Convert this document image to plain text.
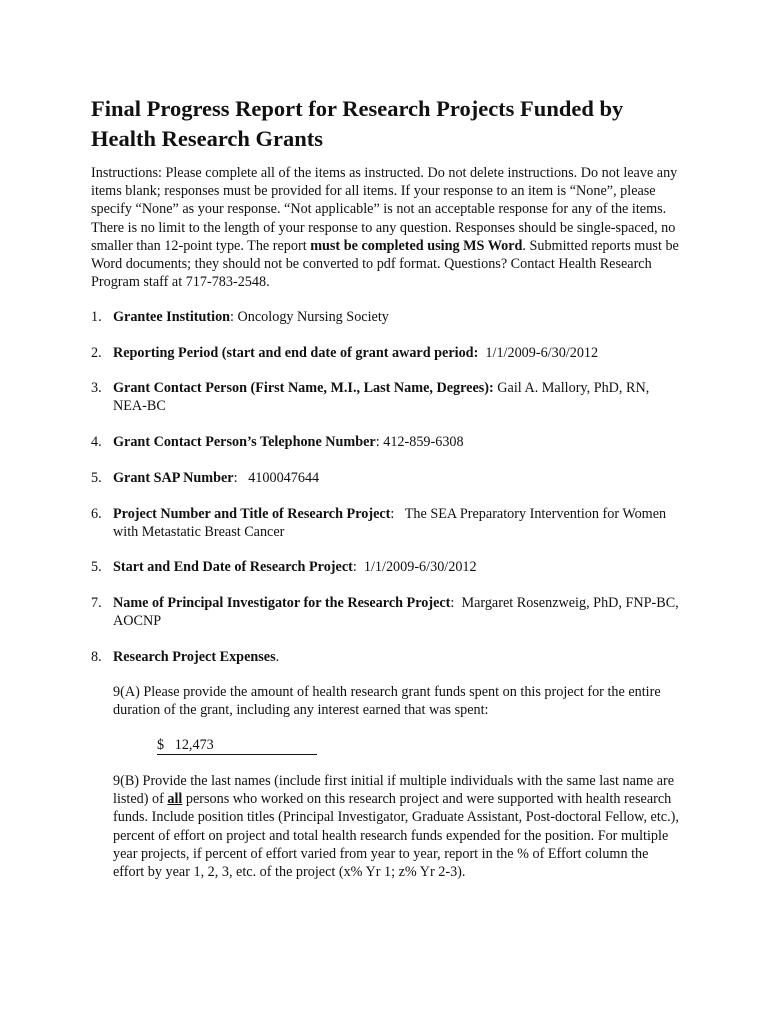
Final Progress Report for Research Projects Funded by
Health Research Grants

Instructions: Please complete all of the items as instructed. Do not delete instructions. Do not leave any items blank; responses must be provided for all items. If your response to an item is “None”, please specify “None” as your response. “Not applicable” is not an acceptable response for any of the items. There is no limit to the length of your response to any question. Responses should be single-spaced, no smaller than 12-point type. The report must be completed using MS Word. Submitted reports must be Word documents; they should not be converted to pdf format. Questions? Contact Health Research Program staff at 717-783-2548.

1. Grantee Institution: Oncology Nursing Society
2. Reporting Period (start and end date of grant award period: 1/1/2009-6/30/2012
3. Grant Contact Person (First Name, M.I., Last Name, Degrees): Gail A. Mallory, PhD, RN, NEA-BC
4. Grant Contact Person’s Telephone Number: 412-859-6308
5. Grant SAP Number:   4100047644
6. Project Number and Title of Research Project:   The SEA Preparatory Intervention for Women with Metastatic Breast Cancer
5. Start and End Date of Research Project:  1/1/2009-6/30/2012
7. Name of Principal Investigator for the Research Project:  Margaret Rosenzweig, PhD, FNP-BC, AOCNP
8. Research Project Expenses.

9(A) Please provide the amount of health research grant funds spent on this project for the entire duration of the grant, including any interest earned that was spent:

$   12,473

9(B) Provide the last names (include first initial if multiple individuals with the same last name are listed) of all persons who worked on this research project and were supported with health research funds. Include position titles (Principal Investigator, Graduate Assistant, Post-doctoral Fellow, etc.), percent of effort on project and total health research funds expended for the position. For multiple year projects, if percent of effort varied from year to year, report in the % of Effort column the effort by year 1, 2, 3, etc. of the project (x% Yr 1; z% Yr 2-3).
